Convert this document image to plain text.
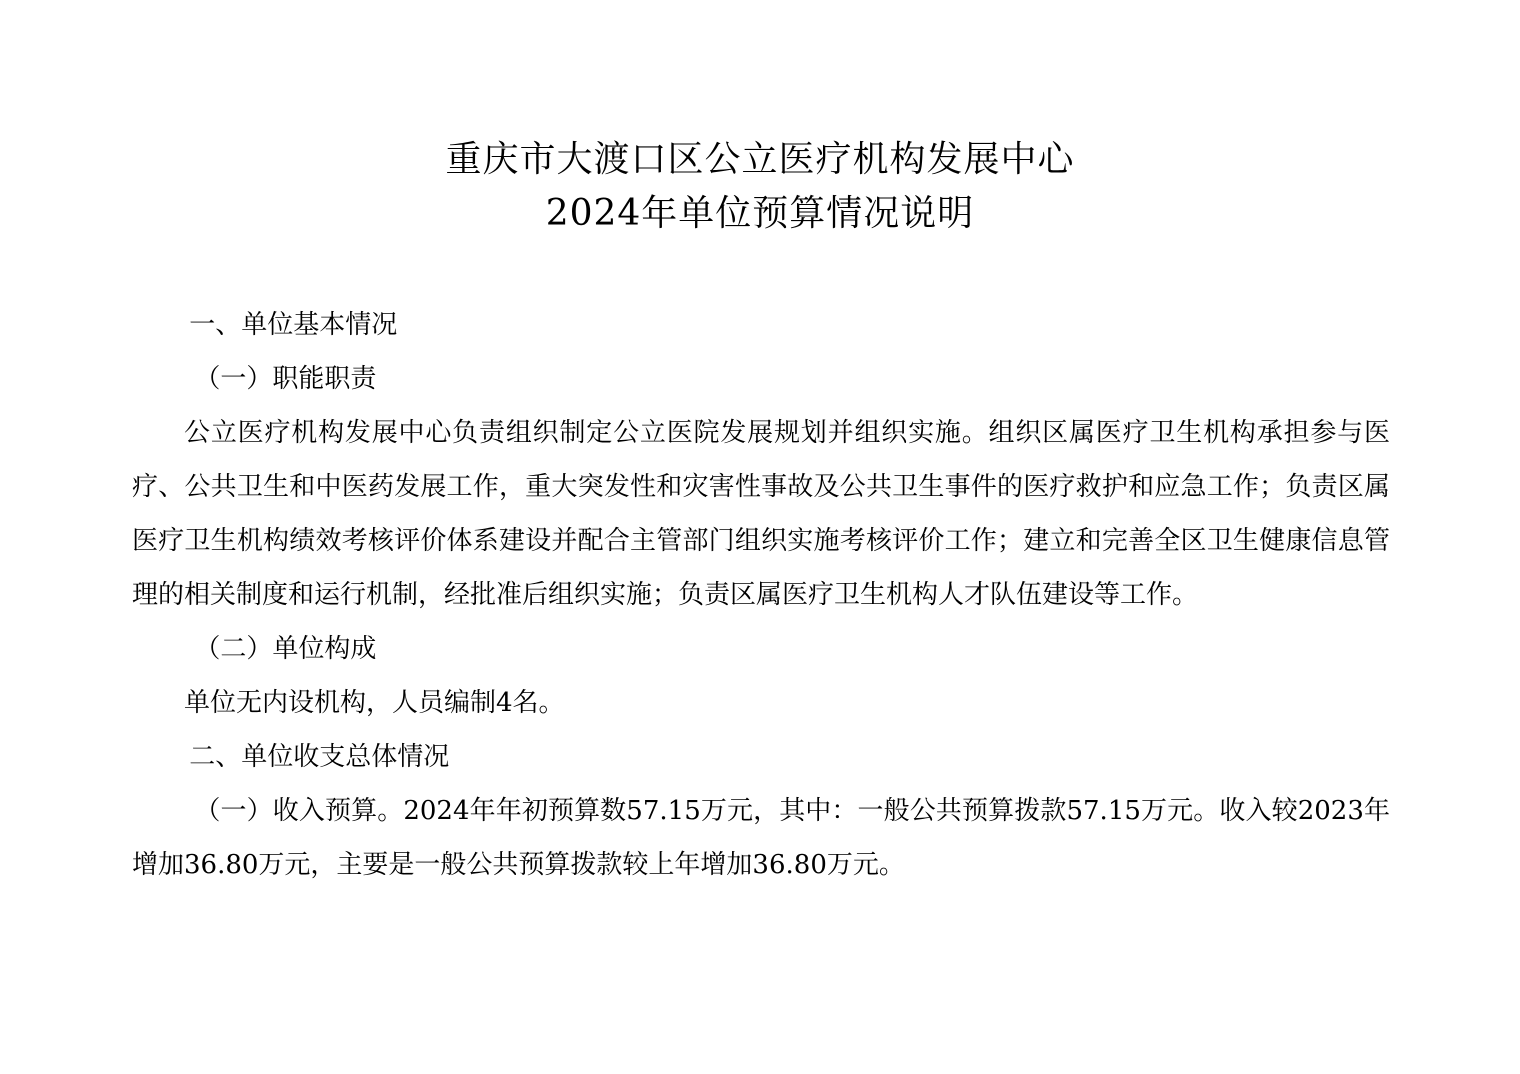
重庆市大渡口区公立医疗机构发展中心
2024年单位预算情况说明

一、单位基本情况

（一）职能职责

公立医疗机构发展中心负责组织制定公立医院发展规划并组织实施。组织区属医疗卫生机构承担参与医疗、公共卫生和中医药发展工作，重大突发性和灾害性事故及公共卫生事件的医疗救护和应急工作；负责区属医疗卫生机构绩效考核评价体系建设并配合主管部门组织实施考核评价工作；建立和完善全区卫生健康信息管理的相关制度和运行机制，经批准后组织实施；负责区属医疗卫生机构人才队伍建设等工作。

（二）单位构成

单位无内设机构，人员编制4名。

二、单位收支总体情况

（一）收入预算。2024年年初预算数57.15万元，其中：一般公共预算拨款57.15万元。收入较2023年增加36.80万元，主要是一般公共预算拨款较上年增加36.80万元。
